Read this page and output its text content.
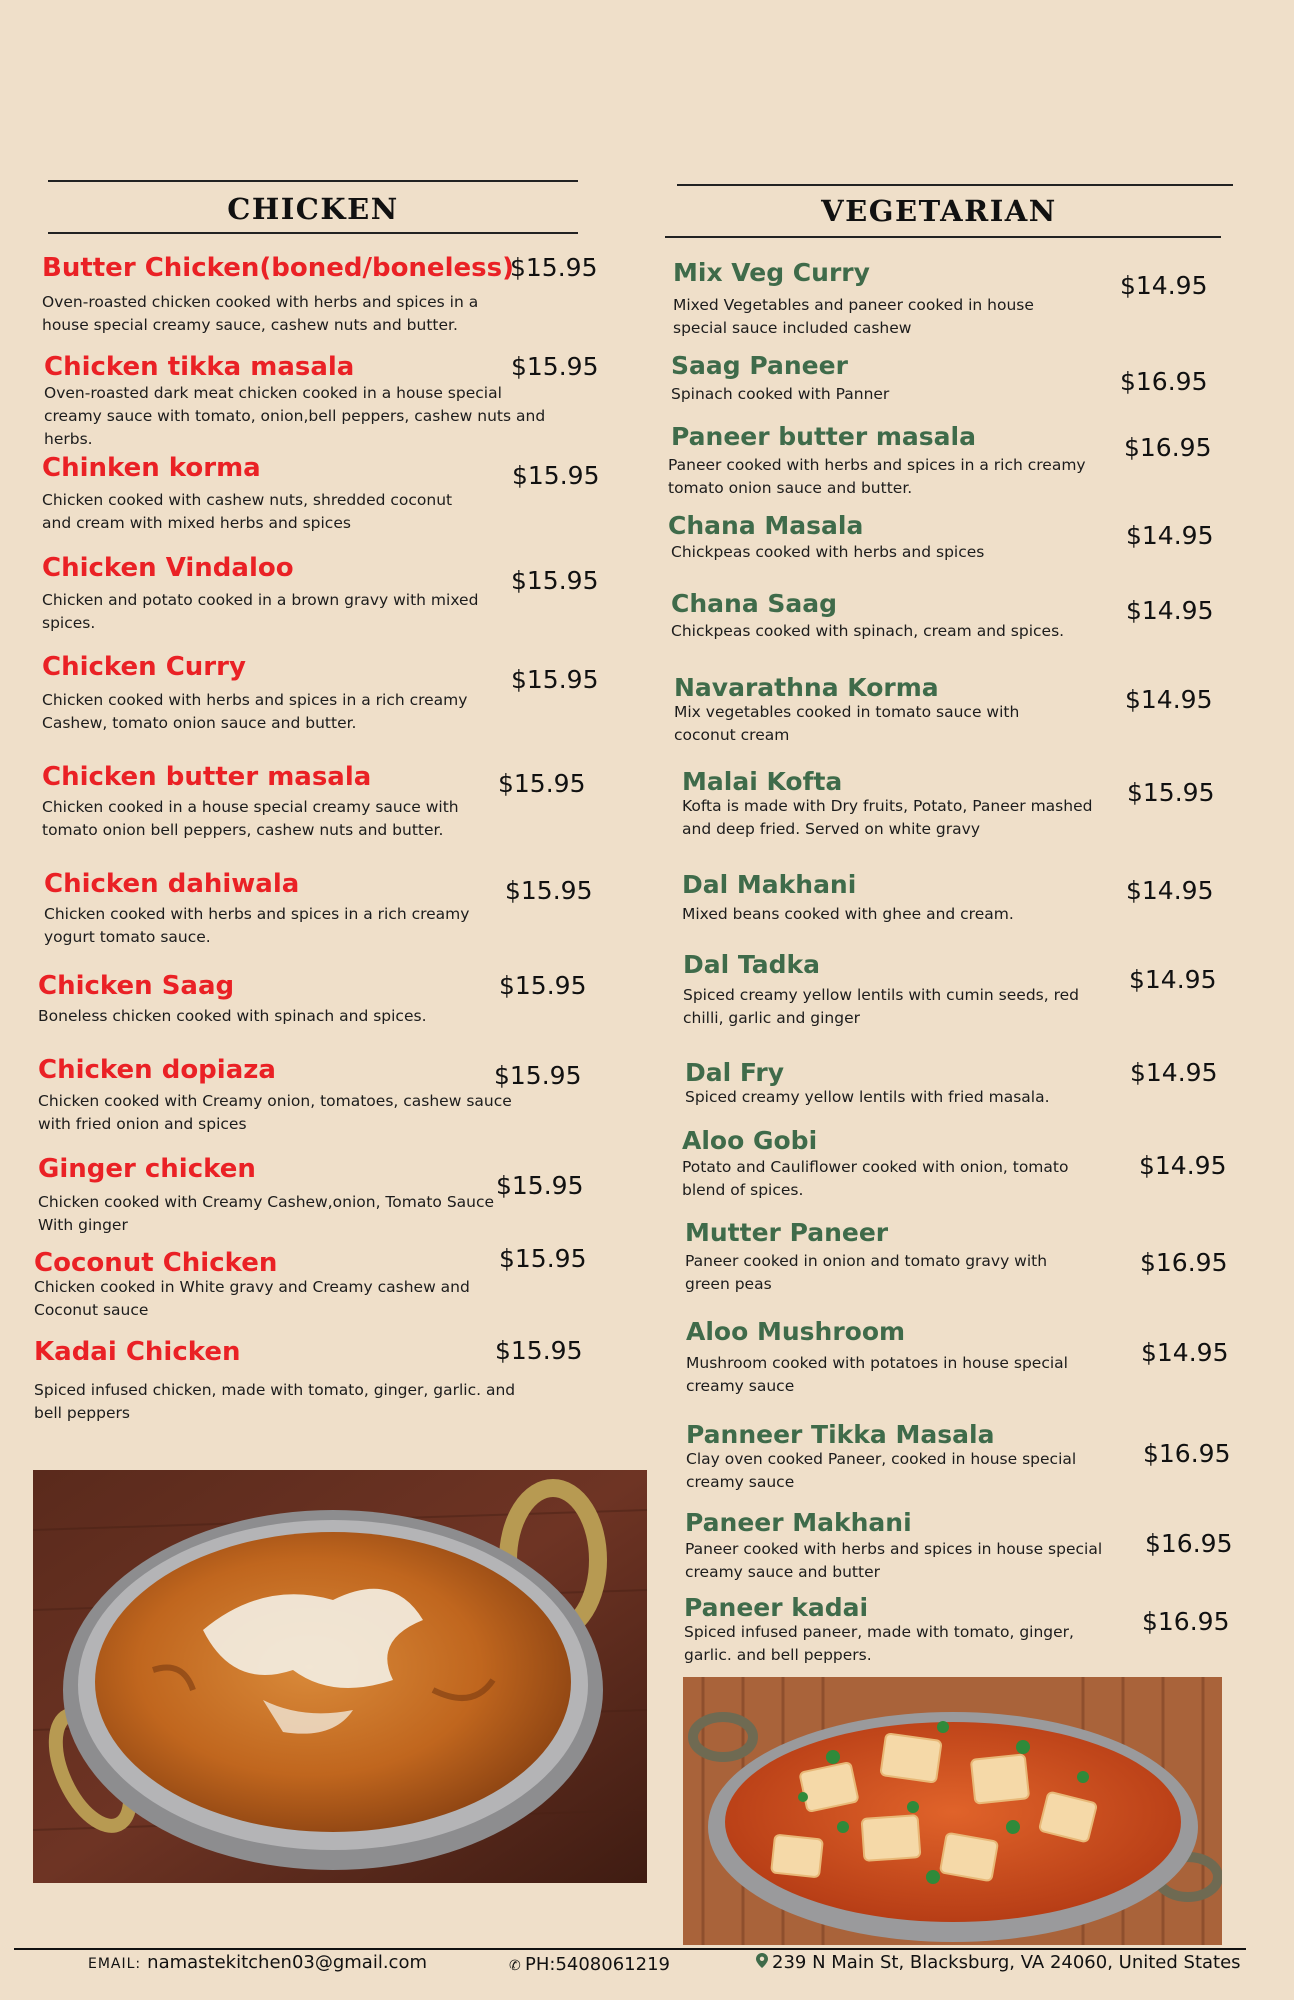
CHICKEN
Butter Chicken(boned/boneless)
$15.95
Oven-roasted chicken cooked with herbs and spices in a house special creamy sauce, cashew nuts and butter.
Chicken tikka masala	$15.95
Oven-roasted dark meat chicken cooked in a house special creamy sauce with tomato, onion,bell peppers, cashew nuts and herbs.
Chinken korma	$15.95
Chicken cooked with cashew nuts, shredded coconut and cream with mixed herbs and spices
Chicken Vindaloo	$15.95
Chicken and potato cooked in a brown gravy with mixed spices.
Chicken Curry	$15.95
Chicken cooked with herbs and spices in a rich creamy Cashew, tomato onion sauce and butter.
Chicken butter masala	$15.95
Chicken cooked in a house special creamy sauce with tomato onion bell peppers, cashew nuts and butter.
Chicken dahiwala	$15.95
Chicken cooked with herbs and spices in a rich creamy yogurt tomato sauce.
Chicken Saag	$15.95
Boneless chicken cooked with spinach and spices.
Chicken dopiaza	$15.95
Chicken cooked with Creamy onion, tomatoes, cashew sauce with fried onion and spices
Ginger chicken
$15.95
Chicken cooked with Creamy Cashew,onion, Tomato Sauce With ginger
Coconut Chicken	$15.95
Chicken cooked in White gravy and Creamy cashew and Coconut sauce
Kadai Chicken	$15.95
Spiced infused chicken, made with tomato, ginger, garlic. and bell peppers
VEGETARIAN
Mix Veg Curry	$14.95
Mixed Vegetables and paneer cooked in house special sauce included cashew
Saag Paneer
$16.95
Spinach cooked with Panner
Paneer butter masala	$16.95
Paneer cooked with herbs and spices in a rich creamy tomato onion sauce and butter.
Chana Masala	$14.95
Chickpeas cooked with herbs and spices
Chana Saag	$14.95
Chickpeas cooked with spinach, cream and spices.
Navarathna Korma	$14.95
Mix vegetables cooked in tomato sauce with coconut cream
Malai Kofta	$15.95
Kofta is made with Dry fruits, Potato, Paneer mashed and deep fried. Served on white gravy
Dal Makhani	$14.95
Mixed beans cooked with ghee and cream.
Dal Tadka
$14.95
Spiced creamy yellow lentils with cumin seeds, red chilli, garlic and ginger
Dal Fry	$14.95
Spiced creamy yellow lentils with fried masala.
Aloo Gobi
$14.95
Potato and Cauliflower cooked with onion, tomato blend of spices.
Mutter Paneer
$16.95
Paneer cooked in onion and tomato gravy with green peas
Aloo Mushroom
$14.95
Mushroom cooked with potatoes in house special creamy sauce
Panneer Tikka Masala
$16.95
Clay oven cooked Paneer, cooked in house special creamy sauce
Paneer Makhani
$16.95
Paneer cooked with herbs and spices in house special creamy sauce and butter
Paneer kadai	$16.95
Spiced infused paneer, made with tomato, ginger, garlic. and bell peppers.
EMAIL: namastekitchen03@gmail.com	✆ PH:5408061219	239 N Main St, Blacksburg, VA 24060, United States
